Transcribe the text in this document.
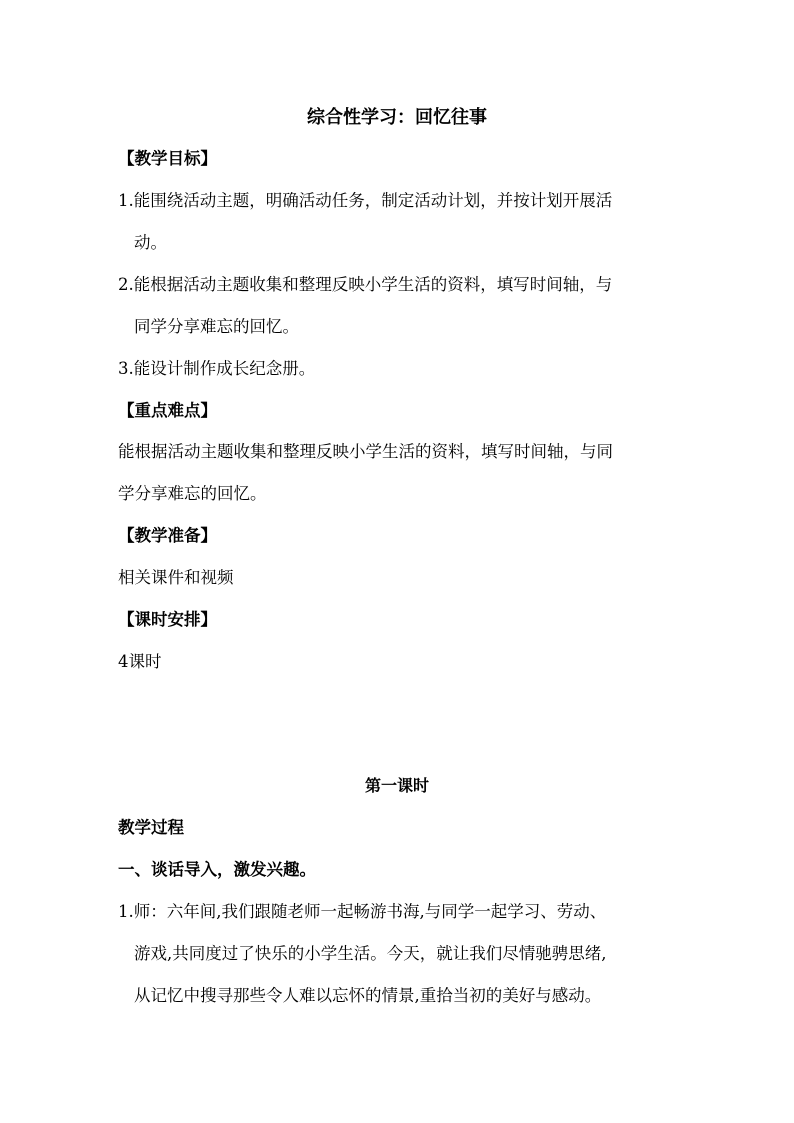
综合性学习：回忆往事
【教学目标】
1.能围绕活动主题，明确活动任务，制定活动计划，并按计划开展活
动。
2.能根据活动主题收集和整理反映小学生活的资料，填写时间轴，与
同学分享难忘的回忆。
3.能设计制作成长纪念册。
【重点难点】
能根据活动主题收集和整理反映小学生活的资料，填写时间轴，与同
学分享难忘的回忆。
【教学准备】
相关课件和视频
【课时安排】
4课时
第一课时
教学过程
一、谈话导入，激发兴趣。
1.师：六年间,我们跟随老师一起畅游书海,与同学一起学习、劳动、
游戏,共同度过了快乐的小学生活。今天，就让我们尽情驰骋思绪,
从记忆中搜寻那些令人难以忘怀的情景,重拾当初的美好与感动。
